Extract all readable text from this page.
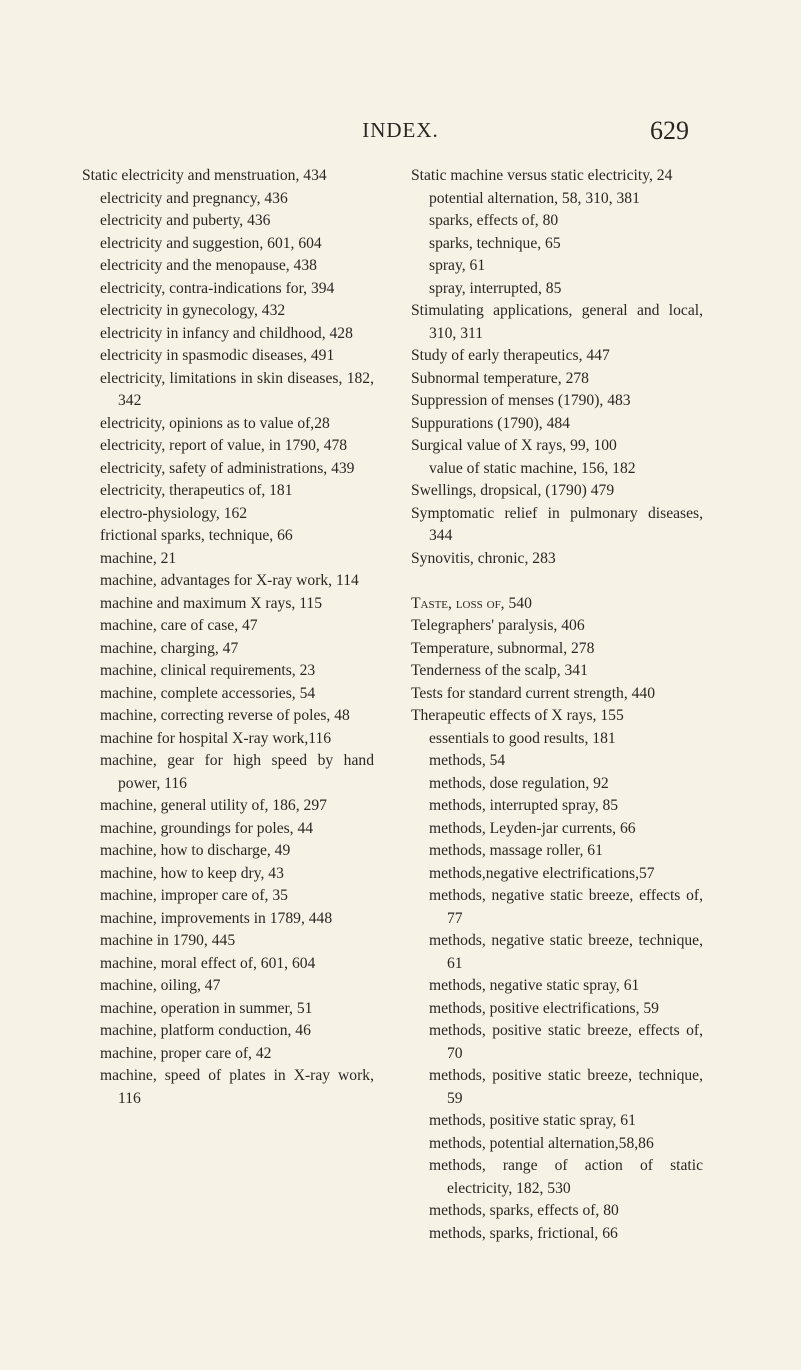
INDEX.	629

Static electricity and menstruation, 434

electricity and pregnancy, 436

electricity and puberty, 436

electricity and suggestion, 601, 604

electricity and the menopause, 438

electricity, contra-indications for, 394

electricity in gynecology, 432

electricity in infancy and childhood, 428

electricity in spasmodic diseases, 491

electricity, limitations in skin diseases, 182, 342

electricity, opinions as to value of,28

electricity, report of value, in 1790, 478

electricity, safety of administrations, 439

electricity, therapeutics of, 181

electro-physiology, 162

frictional sparks, technique, 66

machine, 21

machine, advantages for X-ray work, 114

machine and maximum X rays, 115

machine, care of case, 47

machine, charging, 47

machine, clinical requirements, 23

machine, complete accessories, 54

machine, correcting reverse of poles, 48

machine for hospital X-ray work,116

machine, gear for high speed by hand power, 116

machine, general utility of, 186, 297

machine, groundings for poles, 44

machine, how to discharge, 49

machine, how to keep dry, 43

machine, improper care of, 35

machine, improvements in 1789, 448

machine in 1790, 445

machine, moral effect of, 601, 604

machine, oiling, 47

machine, operation in summer, 51

machine, platform conduction, 46

machine, proper care of, 42

machine, speed of plates in X-ray work, 116

Static machine versus static electricity, 24

potential alternation, 58, 310, 381

sparks, effects of, 80

sparks, technique, 65

spray, 61

spray, interrupted, 85

Stimulating applications, general and local, 310, 311

Study of early therapeutics, 447

Subnormal temperature, 278

Suppression of menses (1790), 483

Suppurations (1790), 484

Surgical value of X rays, 99, 100

value of static machine, 156, 182

Swellings, dropsical, (1790) 479

Symptomatic relief in pulmonary diseases, 344

Synovitis, chronic, 283

Taste, loss of, 540

Telegraphers' paralysis, 406

Temperature, subnormal, 278

Tenderness of the scalp, 341

Tests for standard current strength, 440

Therapeutic effects of X rays, 155

essentials to good results, 181

methods, 54

methods, dose regulation, 92

methods, interrupted spray, 85

methods, Leyden-jar currents, 66

methods, massage roller, 61

methods,negative electrifications,57

methods, negative static breeze, effects of, 77

methods, negative static breeze, technique, 61

methods, negative static spray, 61

methods, positive electrifications, 59

methods, positive static breeze, effects of, 70

methods, positive static breeze, technique, 59

methods, positive static spray, 61

methods, potential alternation,58,86

methods, range of action of static electricity, 182, 530

methods, sparks, effects of, 80

methods, sparks, frictional, 66
